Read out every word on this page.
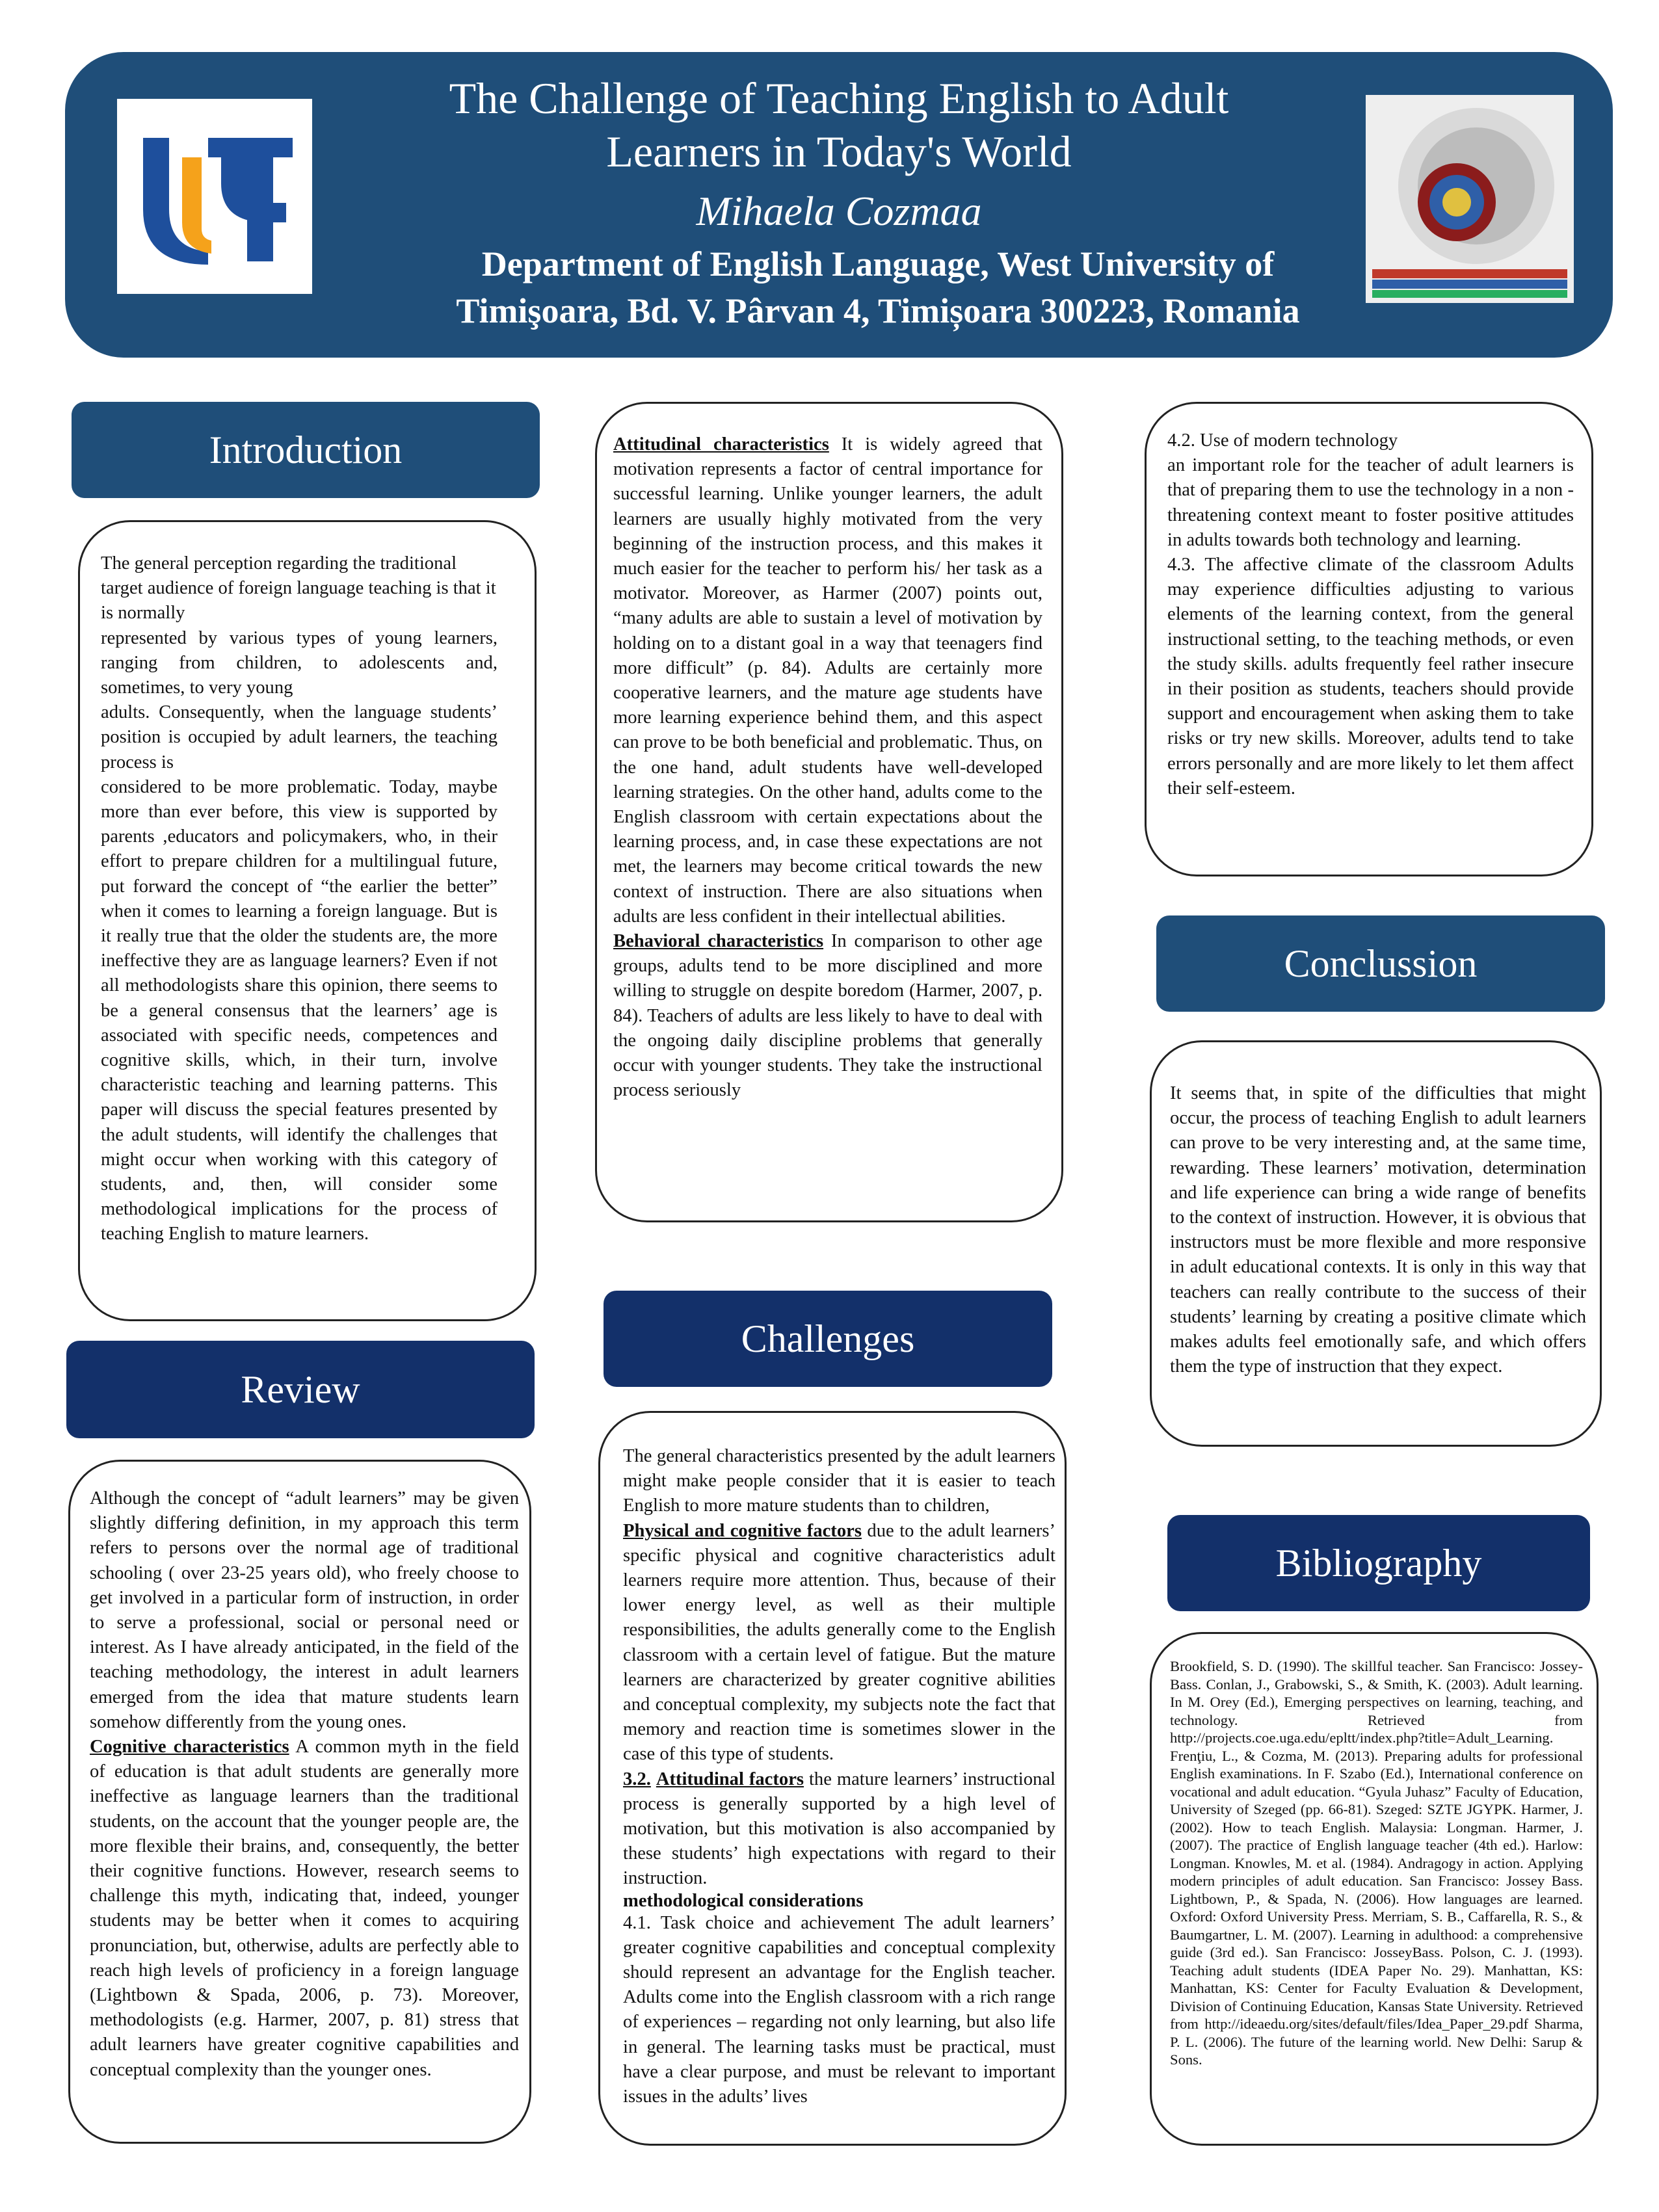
The Challenge of Teaching English to Adult
Learners in Today's World
Mihaela Cozmaa
Department of English Language, West University of
Timişoara, Bd. V. Pârvan 4, Timișoara 300223, Romania
Introduction

The general perception regarding the traditional target audience of foreign language teaching is that it is normally

represented by various types of young learners, ranging from children, to adolescents and, sometimes, to very young

adults. Consequently, when the language students’ position is occupied by adult learners, the teaching process is

considered to be more problematic. Today, maybe more than ever before, this view is supported by parents ,educators and policymakers, who, in their effort to prepare children for a multilingual future, put forward the concept of “the earlier the better” when it comes to learning a foreign language. But is it really true that the older the students are, the more ineffective they are as language learners? Even if not all methodologists share this opinion, there seems to be a general consensus that the learners’ age is associated with specific needs, competences and cognitive skills, which, in their turn, involve characteristic teaching and learning patterns. This paper will discuss the special features presented by the adult students, will identify the challenges that might occur when working with this category of students, and, then, will consider some methodological implications for the process of teaching English to mature learners.

Review

Although the concept of “adult learners” may be given slightly differing definition, in my approach this term refers to persons over the normal age of traditional schooling ( over 23-25 years old), who freely choose to get involved in a particular form of instruction, in order to serve a professional, social or personal need or interest. As I have already anticipated, in the field of the teaching methodology, the interest in adult learners emerged from the idea that mature students learn somehow differently from the young ones.

Cognitive characteristics A common myth in the field of education is that adult students are generally more ineffective as language learners than the traditional students, on the account that the younger people are, the more flexible their brains, and, consequently, the better their cognitive functions. However, research seems to challenge this myth, indicating that, indeed, younger students may be better when it comes to acquiring pronunciation, but, otherwise, adults are perfectly able to reach high levels of proficiency in a foreign language (Lightbown & Spada, 2006, p. 73). Moreover, methodologists (e.g. Harmer, 2007, p. 81) stress that adult learners have greater cognitive capabilities and conceptual complexity than the younger ones.

Attitudinal characteristics It is widely agreed that motivation represents a factor of central importance for successful learning. Unlike younger learners, the adult learners are usually highly motivated from the very beginning of the instruction process, and this makes it much easier for the teacher to perform his/ her task as a motivator. Moreover, as Harmer (2007) points out, “many adults are able to sustain a level of motivation by holding on to a distant goal in a way that teenagers find more difficult” (p. 84). Adults are certainly more cooperative learners, and the mature age students have more learning experience behind them, and this aspect can prove to be both beneficial and problematic. Thus, on the one hand, adult students have well-developed learning strategies. On the other hand, adults come to the English classroom with certain expectations about the learning process, and, in case these expectations are not met, the learners may become critical towards the new context of instruction. There are also situations when adults are less confident in their intellectual abilities.

Behavioral characteristics In comparison to other age groups, adults tend to be more disciplined and more willing to struggle on despite boredom (Harmer, 2007, p. 84). Teachers of adults are less likely to have to deal with the ongoing daily discipline problems that generally occur with younger students. They take the instructional process seriously

Challenges

The general characteristics presented by the adult learners might make people consider that it is easier to teach English to more mature students than to children,

Physical and cognitive factors due to the adult learners’ specific physical and cognitive characteristics adult learners require more attention. Thus, because of their lower energy level, as well as their multiple responsibilities, the adults generally come to the English classroom with a certain level of fatigue. But the mature learners are characterized by greater cognitive abilities and conceptual complexity, my subjects note the fact that memory and reaction time is sometimes slower in the case of this type of students.

3.2. Attitudinal factors the mature learners’ instructional process is generally supported by a high level of motivation, but this motivation is also accompanied by these students’ high expectations with regard to their instruction.

methodological considerations

4.1. Task choice and achievement The adult learners’ greater cognitive capabilities and conceptual complexity should represent an advantage for the English teacher. Adults come into the English classroom with a rich range of experiences – regarding not only learning, but also life in general. The learning tasks must be practical, must have a clear purpose, and must be relevant to important issues in the adults’ lives

4.2. Use of modern technology

an important role for the teacher of adult learners is that of preparing them to use the technology in a non -threatening context meant to foster positive attitudes in adults towards both technology and learning.

4.3. The affective climate of the classroom Adults may experience difficulties adjusting to various elements of the learning context, from the general instructional setting, to the teaching methods, or even the study skills. adults frequently feel rather insecure in their position as students, teachers should provide support and encouragement when asking them to take risks or try new skills. Moreover, adults tend to take errors personally and are more likely to let them affect their self-esteem.

Conclussion

It seems that, in spite of the difficulties that might occur, the process of teaching English to adult learners can prove to be very interesting and, at the same time, rewarding. These learners’ motivation, determination and life experience can bring a wide range of benefits to the context of instruction. However, it is obvious that instructors must be more flexible and more responsive in adult educational contexts. It is only in this way that teachers can really contribute to the success of their students’ learning by creating a positive climate which makes adults feel emotionally safe, and which offers them the type of instruction that they expect.

Bibliography

Brookfield, S. D. (1990). The skillful teacher. San Francisco: Jossey-Bass. Conlan, J., Grabowski, S., & Smith, K. (2003). Adult learning. In M. Orey (Ed.), Emerging perspectives on learning, teaching, and technology. Retrieved from http://projects.coe.uga.edu/epltt/index.php?title=Adult_Learning. Frenţiu, L., & Cozma, M. (2013). Preparing adults for professional English examinations. In F. Szabo (Ed.), International conference on vocational and adult education. “Gyula Juhasz” Faculty of Education, University of Szeged (pp. 66-81). Szeged: SZTE JGYPK. Harmer, J. (2002). How to teach English. Malaysia: Longman. Harmer, J. (2007). The practice of English language teacher (4th ed.). Harlow: Longman. Knowles, M. et al. (1984). Andragogy in action. Applying modern principles of adult education. San Francisco: Jossey Bass. Lightbown, P., & Spada, N. (2006). How languages are learned. Oxford: Oxford University Press. Merriam, S. B., Caffarella, R. S., & Baumgartner, L. M. (2007). Learning in adulthood: a comprehensive guide (3rd ed.). San Francisco: JosseyBass. Polson, C. J. (1993). Teaching adult students (IDEA Paper No. 29). Manhattan, KS: Manhattan, KS: Center for Faculty Evaluation & Development, Division of Continuing Education, Kansas State University. Retrieved from http://ideaedu.org/sites/default/files/Idea_Paper_29.pdf Sharma, P. L. (2006). The future of the learning world. New Delhi: Sarup & Sons.
